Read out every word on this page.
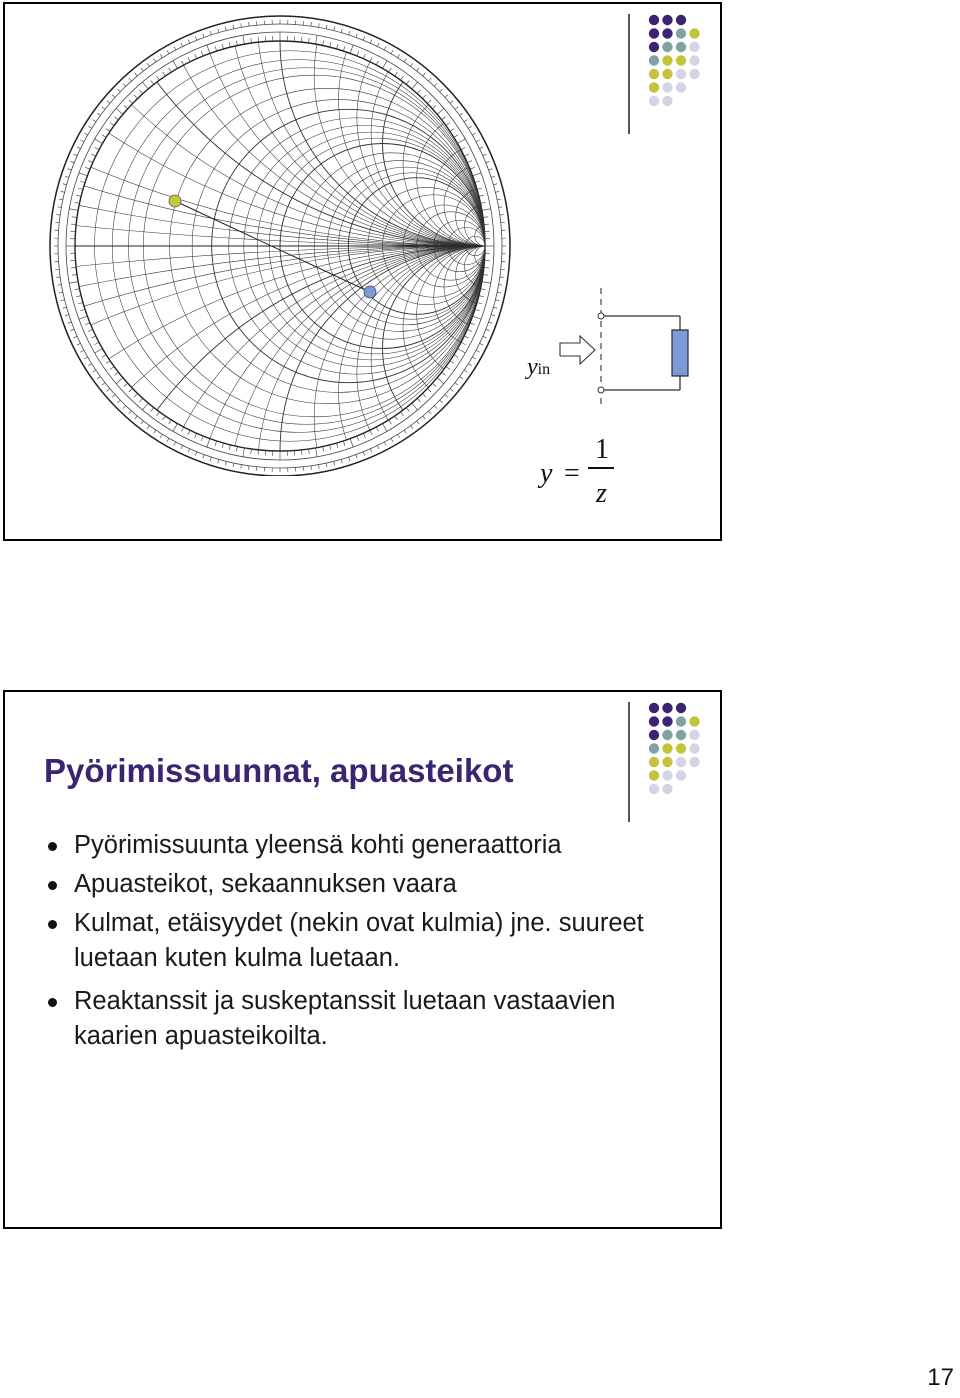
yin
y =
1
z
Pyörimissuunnat, apuasteikot
Pyörimissuunta yleensä kohti generaattoria
Apuasteikot, sekaannuksen vaara
Kulmat, etäisyydet (nekin ovat kulmia) jne. suureet luetaan kuten kulma luetaan.
Reaktanssit ja suskeptanssit luetaan vastaavien kaarien apuasteikoilta.
17
